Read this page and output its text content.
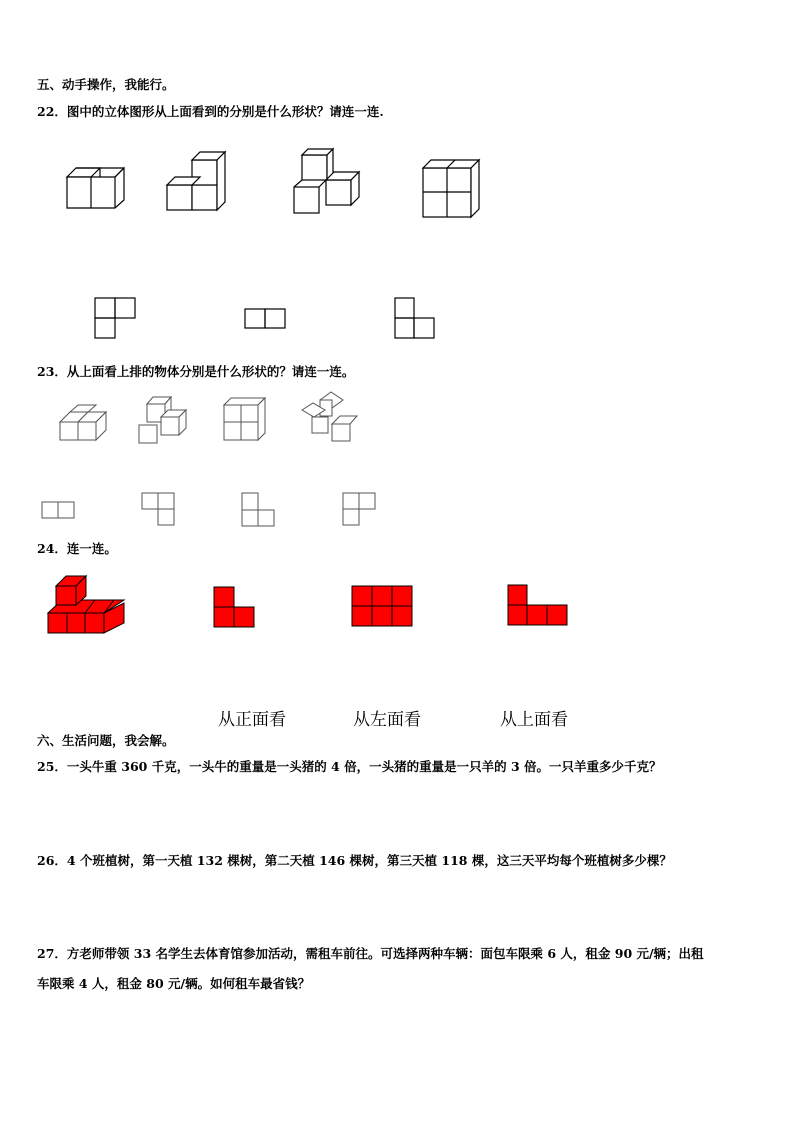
五、动手操作，我能行。
22．图中的立体图形从上面看到的分别是什么形状？请连一连.
23．从上面看上排的物体分别是什么形状的？请连一连。
24．连一连。
从正面看	从左面看	从上面看
六、生活问题，我会解。
25．一头牛重 360 千克，一头牛的重量是一头猪的 4 倍，一头猪的重量是一只羊的 3 倍。一只羊重多少千克？
26．4 个班植树，第一天植 132 棵树，第二天植 146 棵树，第三天植 118 棵，这三天平均每个班植树多少棵？
27．方老师带领 33 名学生去体育馆参加活动，需租车前往。可选择两种车辆：面包车限乘 6 人，租金 90 元/辆；出租
车限乘 4 人，租金 80 元/辆。如何租车最省钱？
